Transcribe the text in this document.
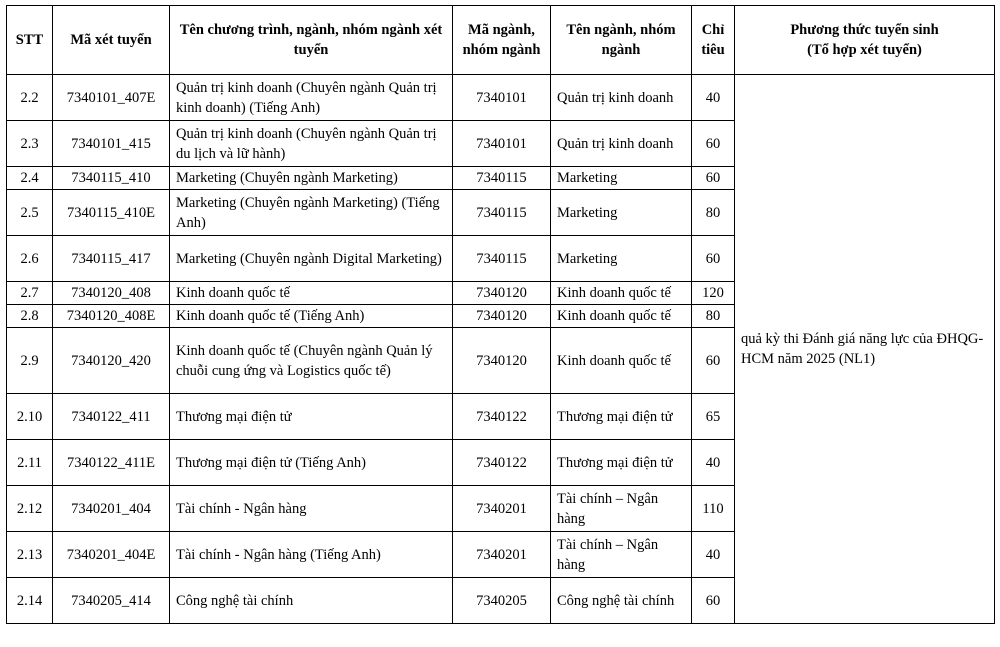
STT	Mã xét tuyển	Tên chương trình, ngành, nhóm ngành xét tuyển	Mã ngành, nhóm ngành	Tên ngành, nhóm ngành	Chỉ tiêu	Phương thức tuyển sinh
(Tổ hợp xét tuyển)

2.2	7340101_407E	Quản trị kinh doanh (Chuyên ngành Quản trị kinh doanh) (Tiếng Anh)	7340101	Quản trị kinh doanh	40	quả kỳ thi Đánh giá năng lực của ĐHQG-HCM năm 2025 (NL1)
2.3	7340101_415	Quản trị kinh doanh (Chuyên ngành Quản trị du lịch và lữ hành)	7340101	Quản trị kinh doanh	60	
2.4	7340115_410	Marketing (Chuyên ngành Marketing)	7340115	Marketing	60	
2.5	7340115_410E	Marketing (Chuyên ngành Marketing) (Tiếng Anh)	7340115	Marketing	80	
2.6	7340115_417	Marketing (Chuyên ngành Digital Marketing)	7340115	Marketing	60	
2.7	7340120_408	Kinh doanh quốc tế	7340120	Kinh doanh quốc tế	120	
2.8	7340120_408E	Kinh doanh quốc tế (Tiếng Anh)	7340120	Kinh doanh quốc tế	80	
2.9	7340120_420	Kinh doanh quốc tế (Chuyên ngành Quản lý chuỗi cung ứng và Logistics quốc tế)	7340120	Kinh doanh quốc tế	60	
2.10	7340122_411	Thương mại điện tử	7340122	Thương mại điện tử	65	
2.11	7340122_411E	Thương mại điện tử (Tiếng Anh)	7340122	Thương mại điện tử	40	
2.12	7340201_404	Tài chính - Ngân hàng	7340201	Tài chính – Ngân hàng	110	
2.13	7340201_404E	Tài chính - Ngân hàng (Tiếng Anh)	7340201	Tài chính – Ngân hàng	40	
2.14	7340205_414	Công nghệ tài chính	7340205	Công nghệ tài chính	60	
